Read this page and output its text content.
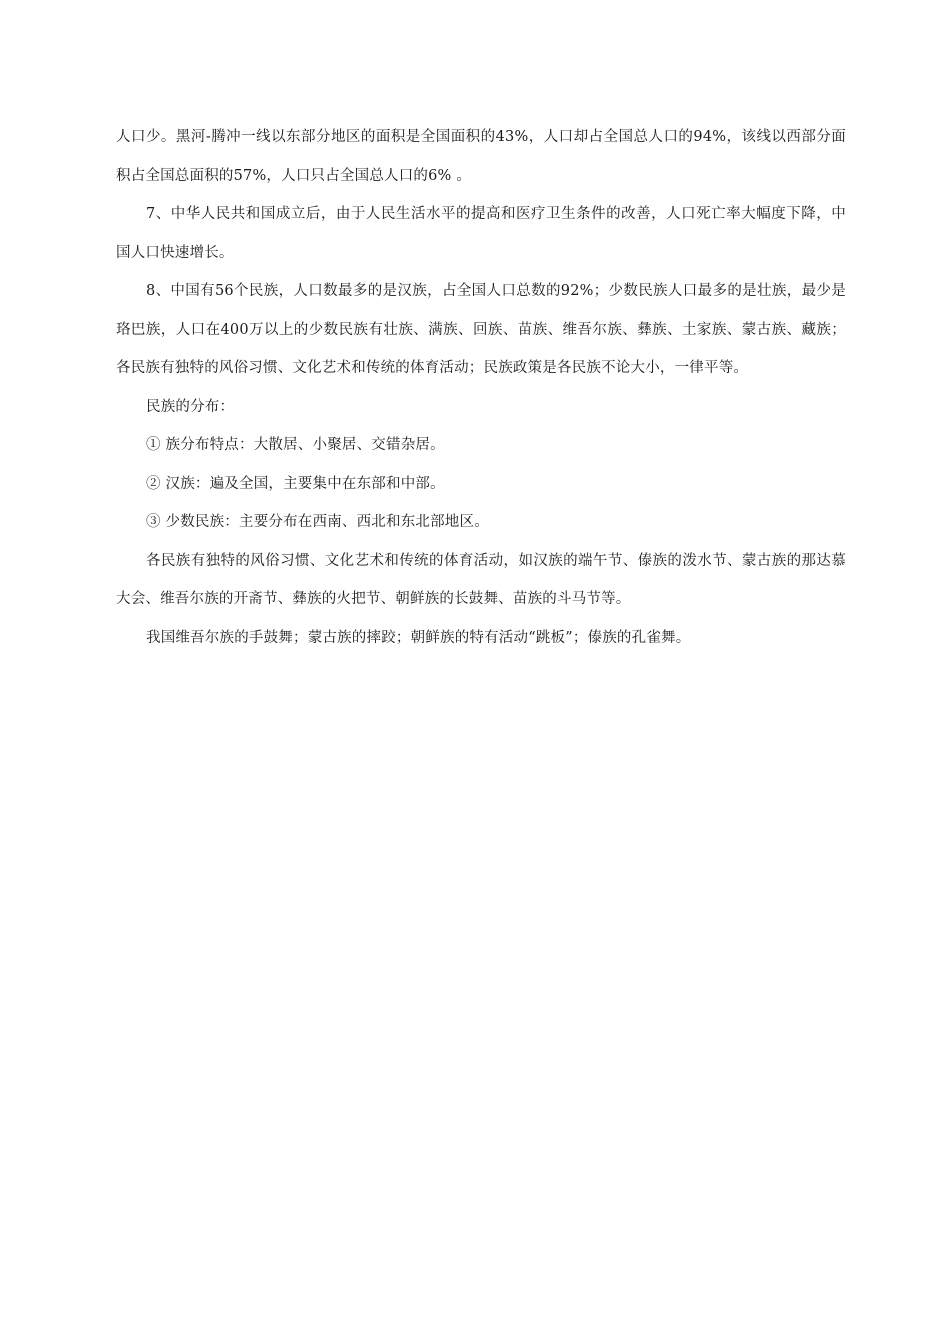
人口少。黑河-腾冲一线以东部分地区的面积是全国面积的43%，人口却占全国总人口的94%，该线以西部分面积占全国总面积的57%，人口只占全国总人口的6% 。

7、中华人民共和国成立后，由于人民生活水平的提高和医疗卫生条件的改善，人口死亡率大幅度下降，中国人口快速增长。

8、中国有56个民族，人口数最多的是汉族，占全国人口总数的92%；少数民族人口最多的是壮族，最少是珞巴族，人口在400万以上的少数民族有壮族、满族、回族、苗族、维吾尔族、彝族、土家族、蒙古族、藏族；各民族有独特的风俗习惯、文化艺术和传统的体育活动；民族政策是各民族不论大小，一律平等。

民族的分布：

① 族分布特点：大散居、小聚居、交错杂居。

② 汉族：遍及全国，主要集中在东部和中部。

③ 少数民族：主要分布在西南、西北和东北部地区。

各民族有独特的风俗习惯、文化艺术和传统的体育活动，如汉族的端午节、傣族的泼水节、蒙古族的那达慕大会、维吾尔族的开斋节、彝族的火把节、朝鲜族的长鼓舞、苗族的斗马节等。

我国维吾尔族的手鼓舞；蒙古族的摔跤；朝鲜族的特有活动“跳板”；傣族的孔雀舞。
